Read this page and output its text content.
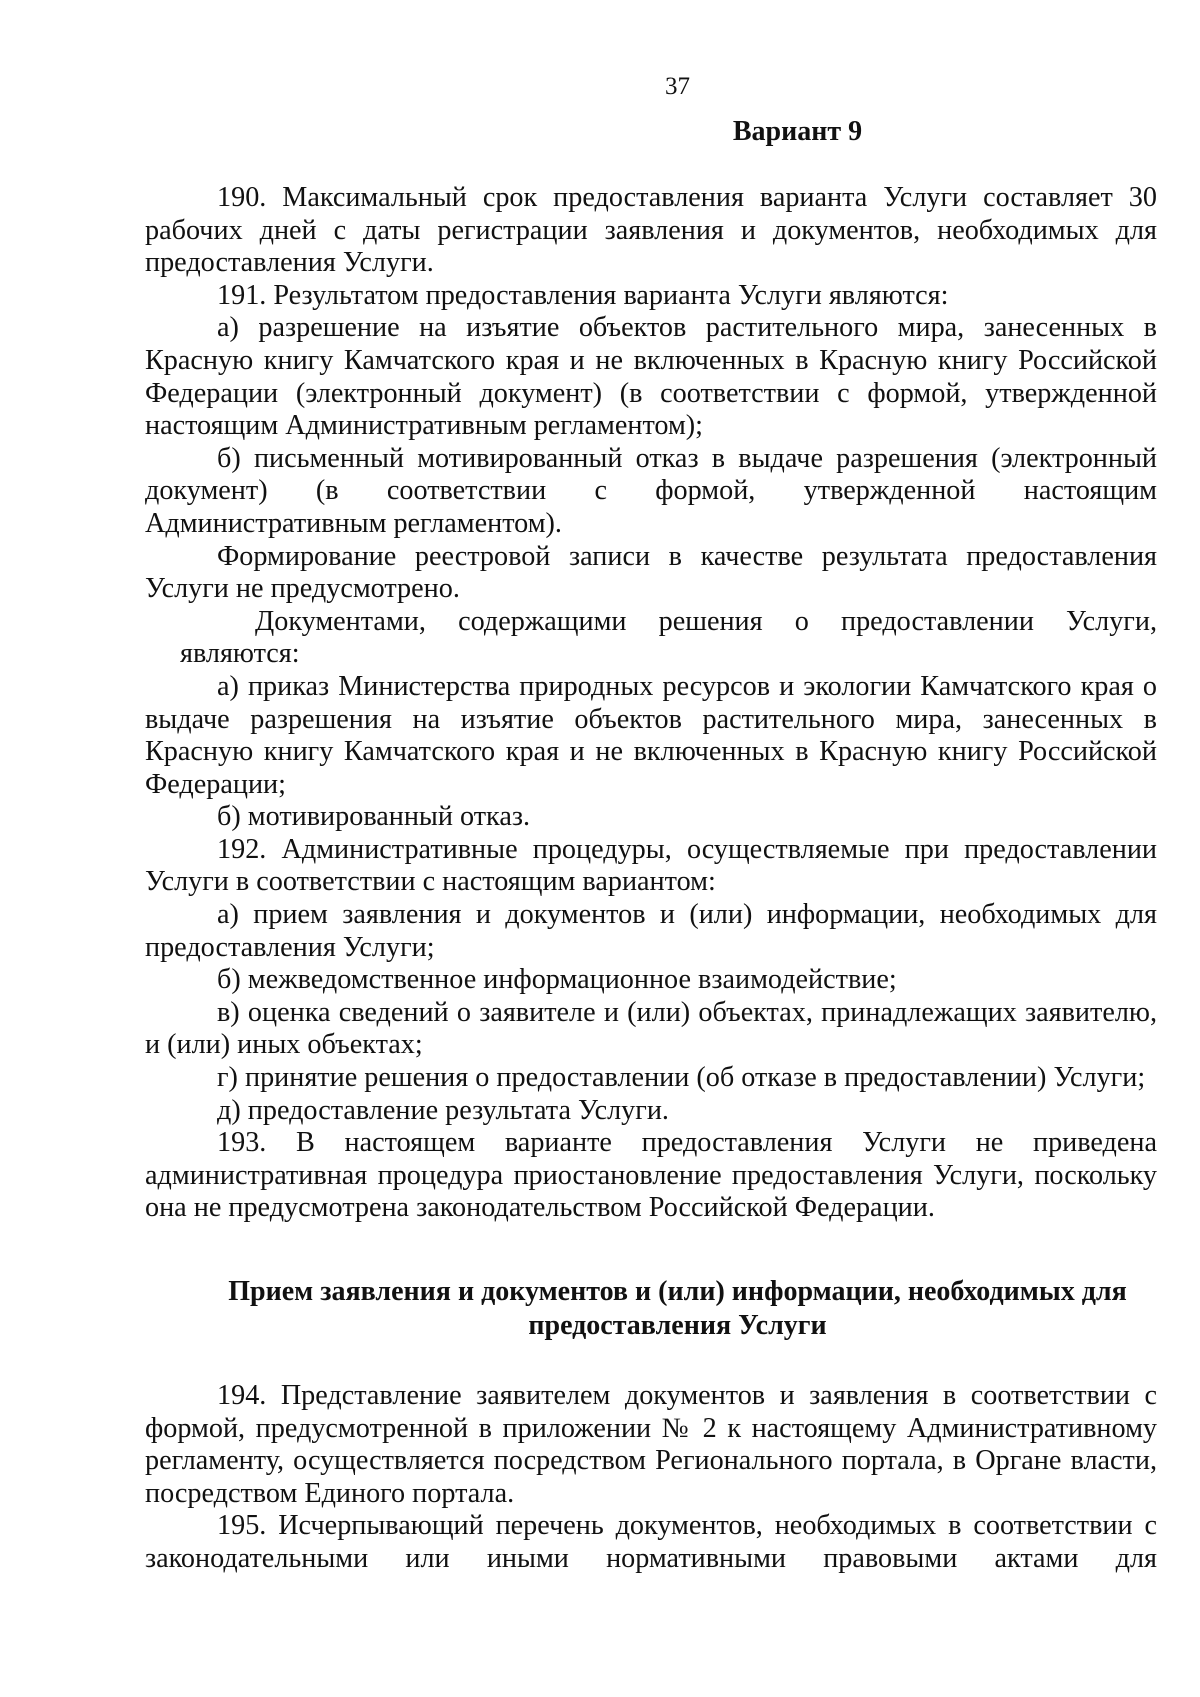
37
Вариант 9

190. Максимальный срок предоставления варианта Услуги составляет 30 рабочих дней с даты регистрации заявления и документов, необходимых для предоставления Услуги.

191. Результатом предоставления варианта Услуги являются:

а) разрешение на изъятие объектов растительного мира, занесенных в Красную книгу Камчатского края и не включенных в Красную книгу Российской Федерации (электронный документ) (в соответствии с формой, утвержденной настоящим Административным регламентом);

б) письменный мотивированный отказ в выдаче разрешения (электронный документ) (в соответствии с формой, утвержденной настоящим Административным регламентом).

Формирование реестровой записи в качестве результата предоставления Услуги не предусмотрено.

Документами, содержащими решения о предоставлении Услуги, являются:

а) приказ Министерства природных ресурсов и экологии Камчатского края о выдаче разрешения на изъятие объектов растительного мира, занесенных в Красную книгу Камчатского края и не включенных в Красную книгу Российской Федерации;

б) мотивированный отказ.

192. Административные процедуры, осуществляемые при предоставлении Услуги в соответствии с настоящим вариантом:

а) прием заявления и документов и (или) информации, необходимых для предоставления Услуги;

б) межведомственное информационное взаимодействие;

в) оценка сведений о заявителе и (или) объектах, принадлежащих заявителю, и (или) иных объектах;

г) принятие решения о предоставлении (об отказе в предоставлении) Услуги;

д) предоставление результата Услуги.

193. В настоящем варианте предоставления Услуги не приведена административная процедура приостановление предоставления Услуги, поскольку она не предусмотрена законодательством Российской Федерации.

Прием заявления и документов и (или) информации, необходимых для предоставления Услуги

194. Представление заявителем документов и заявления в соответствии с формой, предусмотренной в приложении № 2 к настоящему Административному регламенту, осуществляется посредством Регионального портала, в Органе власти, посредством Единого портала.

195. Исчерпывающий перечень документов, необходимых в соответствии с законодательными или иными нормативными правовыми актами для
